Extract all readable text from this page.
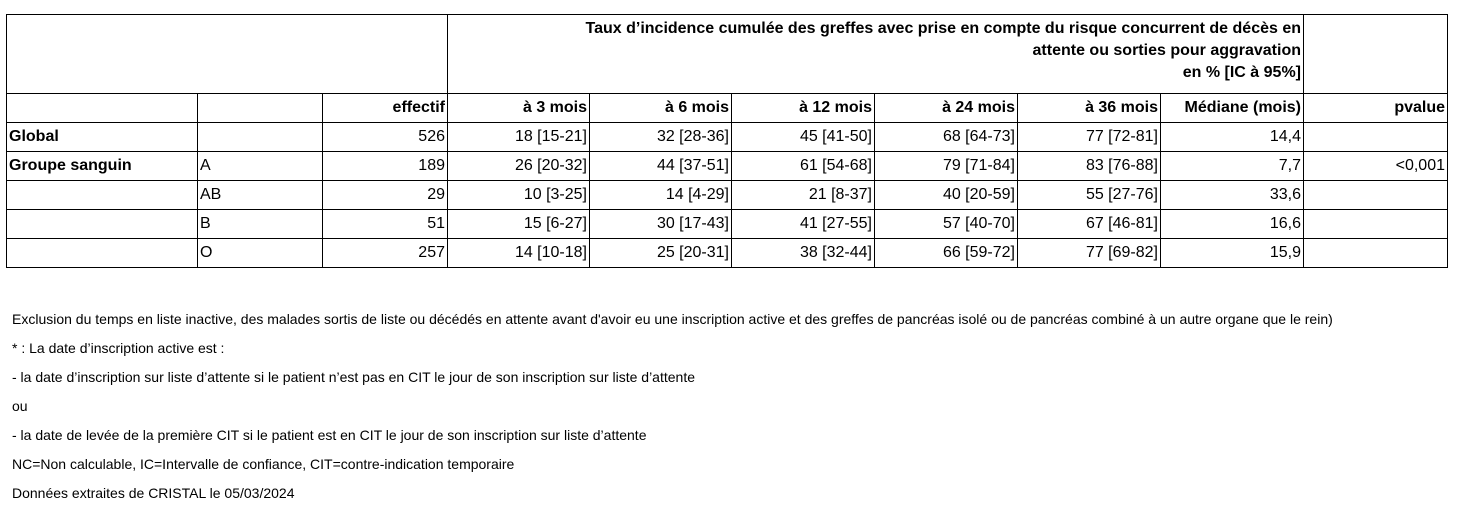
			Taux d’incidence cumulée des greffes avec prise en compte du risque concurrent de décès en
attente ou sorties pour aggravation
en % [IC à 95%]						

		effectif	à 3 mois	à 6 mois	à 12 mois	à 24 mois	à 36 mois	Médiane (mois)	pvalue
Global		526	18 [15-21]	32 [28-36]	45 [41-50]	68 [64-73]	77 [72-81]	14,4	
Groupe sanguin	A	189	26 [20-32]	44 [37-51]	61 [54-68]	79 [71-84]	83 [76-88]	7,7	<0,001
	AB	29	10 [3-25]	14 [4-29]	21 [8-37]	40 [20-59]	55 [27-76]	33,6	
	B	51	15 [6-27]	30 [17-43]	41 [27-55]	57 [40-70]	67 [46-81]	16,6	
	O	257	14 [10-18]	25 [20-31]	38 [32-44]	66 [59-72]	77 [69-82]	15,9	
Exclusion du temps en liste inactive, des malades sortis de liste ou décédés en attente avant d'avoir eu une inscription active et des greffes de pancréas isolé ou de pancréas combiné à un autre organe que le rein)
* : La date d’inscription active est :
- la date d’inscription sur liste d’attente si le patient n’est pas en CIT le jour de son inscription sur liste d’attente
ou
- la date de levée de la première CIT si le patient est en CIT le jour de son inscription sur liste d’attente
NC=Non calculable, IC=Intervalle de confiance, CIT=contre-indication temporaire
Données extraites de CRISTAL le 05/03/2024
